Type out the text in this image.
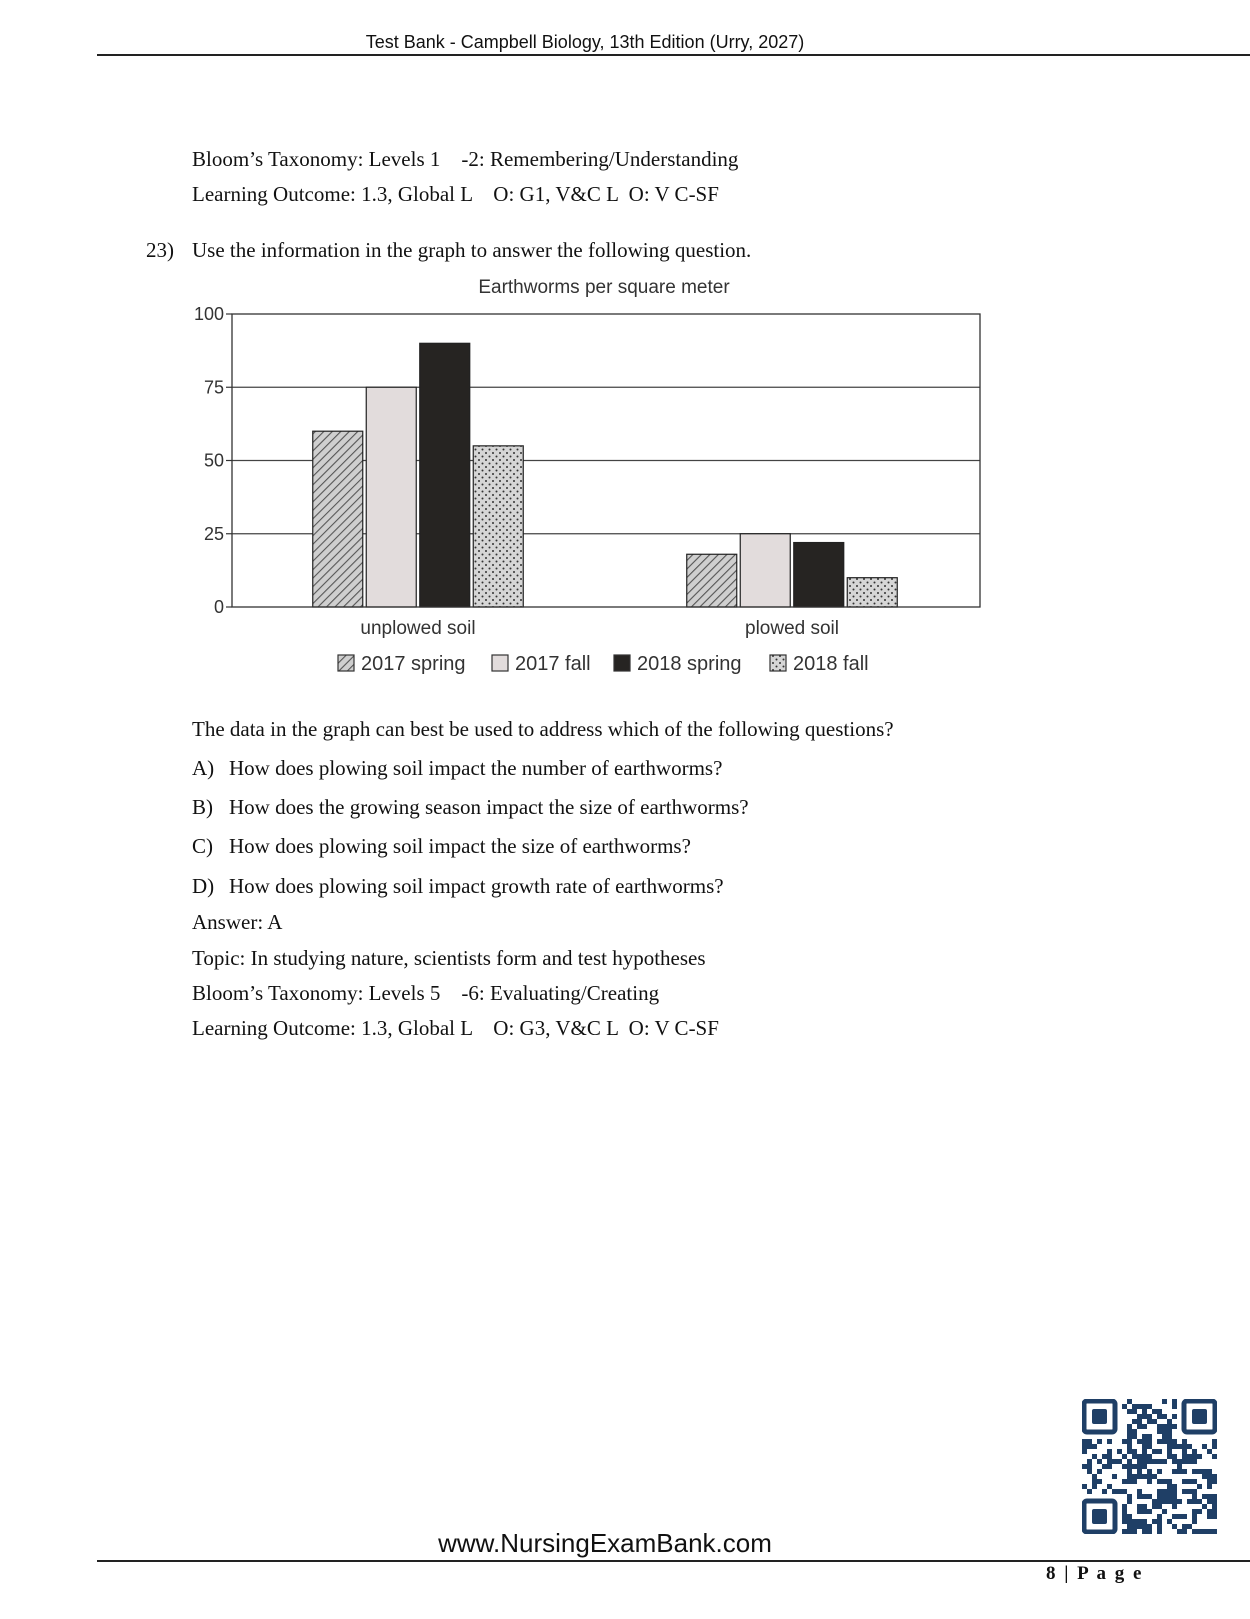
Test Bank - Campbell Biology, 13th Edition (Urry, 2027)
Bloom’s Taxonomy: Levels 1    -2: Remembering/Understanding
Learning Outcome: 1.3, Global L    O: G1, V&C L  O: V C-SF
23) Use the information in the graph to answer the following question.
Earthworms per square meter
0
25
50
75
100
unplowed soil	plowed soil
2017 spring 2017 fall 2018 spring	2018 fall
The data in the graph can best be used to address which of the following questions?
A) How does plowing soil impact the number of earthworms?
B) How does the growing season impact the size of earthworms?
C) How does plowing soil impact the size of earthworms?
D) How does plowing soil impact growth rate of earthworms?
Answer: A
Topic: In studying nature, scientists form and test hypotheses
Bloom’s Taxonomy: Levels 5    -6: Evaluating/Creating
Learning Outcome: 1.3, Global L    O: G3, V&C L  O: V C-SF
www.NursingExamBank.com
8 | P a g e
